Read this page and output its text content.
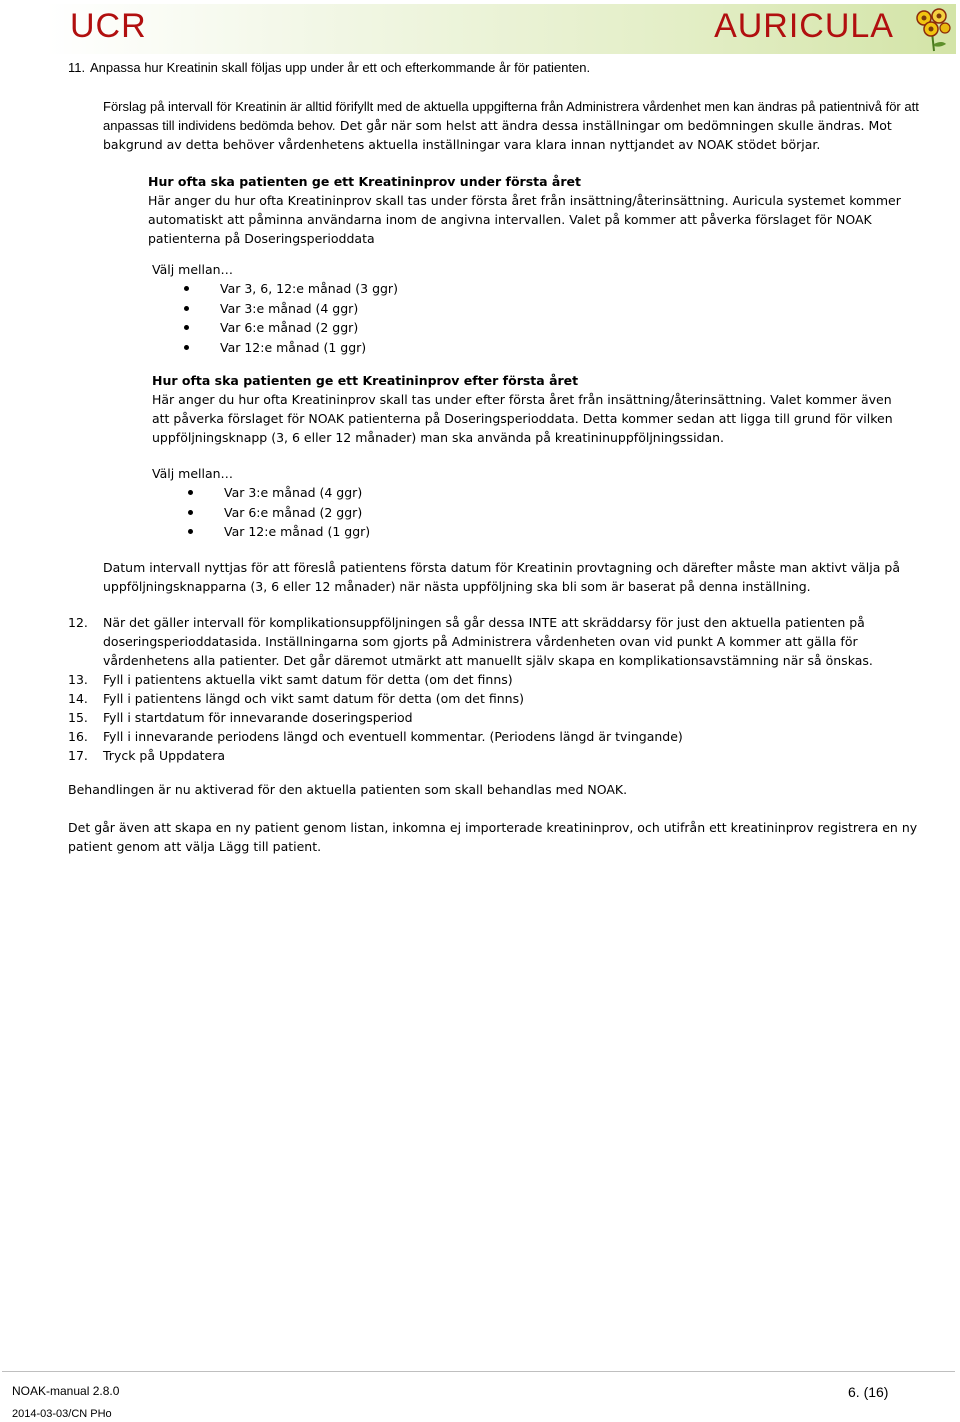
UCR	AURICULA
11. Anpassa hur Kreatinin skall följas upp under år ett och efterkommande år för patienten.
Förslag på intervall för Kreatinin är alltid förifyllt med de aktuella uppgifterna från Administrera vårdenhet men kan ändras på patientnivå för att anpassas till individens bedömda behov. Det går när som helst att ändra dessa inställningar om bedömningen skulle ändras. Mot bakgrund av detta behöver vårdenhetens aktuella inställningar vara klara innan nyttjandet av NOAK stödet börjar.
Hur ofta ska patienten ge ett Kreatininprov under första året
Här anger du hur ofta Kreatininprov skall tas under första året från insättning/återinsättning. Auricula systemet kommer automatiskt att påminna användarna inom de angivna intervallen. Valet på kommer att påverka förslaget för NOAK patienterna på Doseringsperioddata
Välj mellan…
Var 3, 6, 12:e månad (3 ggr)
Var 3:e månad (4 ggr)
Var 6:e månad (2 ggr)
Var 12:e månad (1 ggr)
Hur ofta ska patienten ge ett Kreatininprov efter första året
Här anger du hur ofta Kreatininprov skall tas under efter första året från insättning/återinsättning. Valet kommer även att påverka förslaget för NOAK patienterna på Doseringsperioddata. Detta kommer sedan att ligga till grund för vilken uppföljningsknapp (3, 6 eller 12 månader) man ska använda på kreatininuppföljningssidan.
Välj mellan…
Var 3:e månad (4 ggr)
Var 6:e månad (2 ggr)
Var 12:e månad (1 ggr)
Datum intervall nyttjas för att föreslå patientens första datum för Kreatinin provtagning och därefter måste man aktivt välja på uppföljningsknapparna (3, 6 eller 12 månader) när nästa uppföljning ska bli som är baserat på denna inställning.
12.	När det gäller intervall för komplikationsuppföljningen så går dessa INTE att skräddarsy för just den aktuella patienten på doseringsperioddatasida. Inställningarna som gjorts på Administrera vårdenheten ovan vid punkt A kommer att gälla för vårdenhetens alla patienter. Det går däremot utmärkt att manuellt själv skapa en komplikationsavstämning när så önskas.
13.	Fyll i patientens aktuella vikt samt datum för detta (om det finns)
14.	Fyll i patientens längd och vikt samt datum för detta (om det finns)
15.	Fyll i startdatum för innevarande doseringsperiod
16.	Fyll i innevarande periodens längd och eventuell kommentar. (Periodens längd är tvingande)
17.	Tryck på Uppdatera
Behandlingen är nu aktiverad för den aktuella patienten som skall behandlas med NOAK.
Det går även att skapa en ny patient genom listan, inkomna ej importerade kreatininprov, och utifrån ett kreatininprov registrera en ny patient genom att välja Lägg till patient.
NOAK-manual 2.8.0
2014-03-03/CN PHo
6. (16)
